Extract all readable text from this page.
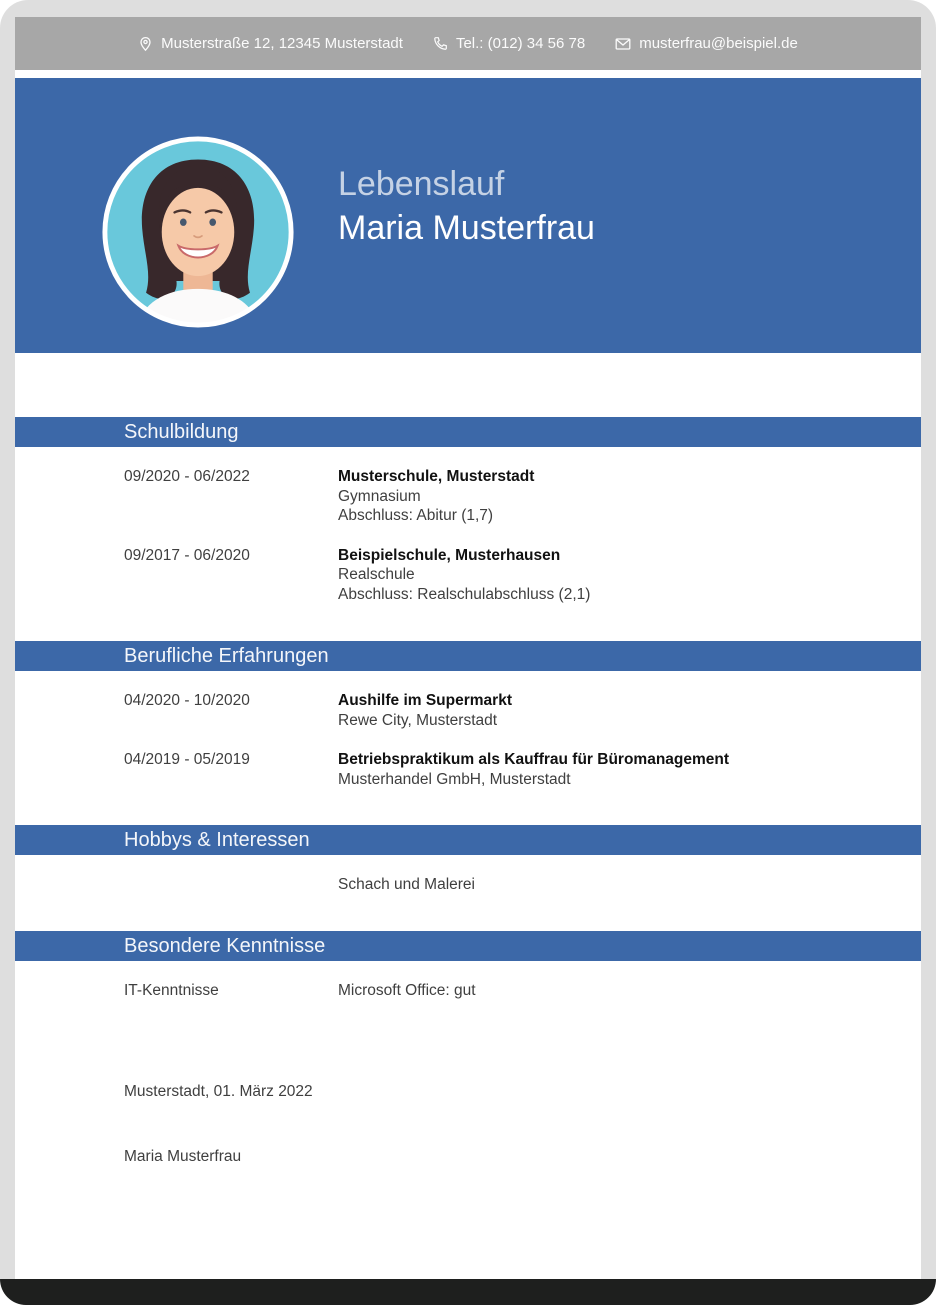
Musterstraße 12, 12345 Musterstadt	Tel.: (012) 34 56 78	musterfrau@beispiel.de
Lebenslauf
Maria Musterfrau
Schulbildung
09/2020 - 06/2022	Musterschule, Musterstadt
Gymnasium
Abschluss: Abitur (1,7)
09/2017 - 06/2020	Beispielschule, Musterhausen
Realschule
Abschluss: Realschulabschluss (2,1)
Berufliche Erfahrungen
04/2020 - 10/2020	Aushilfe im Supermarkt
Rewe City, Musterstadt
04/2019 - 05/2019	Betriebspraktikum als Kauffrau für Büromanagement
Musterhandel GmbH, Musterstadt
Hobbys & Interessen
Schach und Malerei
Besondere Kenntnisse
IT-Kenntnisse	Microsoft Office: gut
Musterstadt, 01. März 2022
Maria Musterfrau
